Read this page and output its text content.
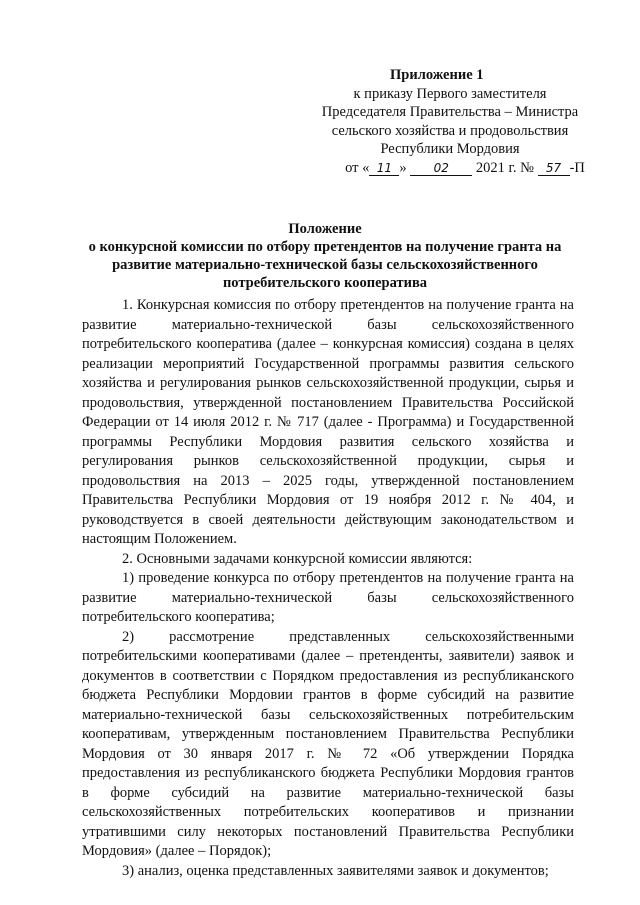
Приложение 1
к приказу Первого заместителя
Председателя Правительства – Министра
сельского хозяйства и продовольствия
Республики Мордовия
от « 11 » 02 2021 г. № 57 -П
Положение
о конкурсной комиссии по отбору претендентов на получение гранта на
развитие материально-технической базы сельскохозяйственного
потребительского кооператива

1. Конкурсная комиссия по отбору претендентов на получение гранта на развитие материально-технической базы сельскохозяйственного потребительского кооператива (далее – конкурсная комиссия) создана в целях реализации мероприятий Государственной программы развития сельского хозяйства и регулирования рынков сельскохозяйственной продукции, сырья и продовольствия, утвержденной постановлением Правительства Российской Федерации от 14 июля 2012 г. № 717 (далее - Программа) и Государственной программы Республики Мордовия развития сельского хозяйства и регулирования рынков сельскохозяйственной продукции, сырья и продовольствия на 2013 – 2025 годы, утвержденной постановлением Правительства Республики Мордовия от 19 ноября 2012 г. № 404, и руководствуется в своей деятельности действующим законодательством и настоящим Положением.

2. Основными задачами конкурсной комиссии являются:

1) проведение конкурса по отбору претендентов на получение гранта на развитие материально-технической базы сельскохозяйственного потребительского кооператива;

2) рассмотрение представленных сельскохозяйственными потребительскими кооперативами (далее – претенденты, заявители) заявок и документов в соответствии с Порядком предоставления из республиканского бюджета Республики Мордовии грантов в форме субсидий на развитие материально-технической базы сельскохозяйственных потребительским кооперативам, утвержденным постановлением Правительства Республики Мордовия от 30 января 2017 г. № 72 «Об утверждении Порядка предоставления из республиканского бюджета Республики Мордовия грантов в форме субсидий на развитие материально-технической базы сельскохозяйственных потребительских кооперативов и признании утратившими силу некоторых постановлений Правительства Республики Мордовия» (далее – Порядок);

3) анализ, оценка представленных заявителями заявок и документов;
